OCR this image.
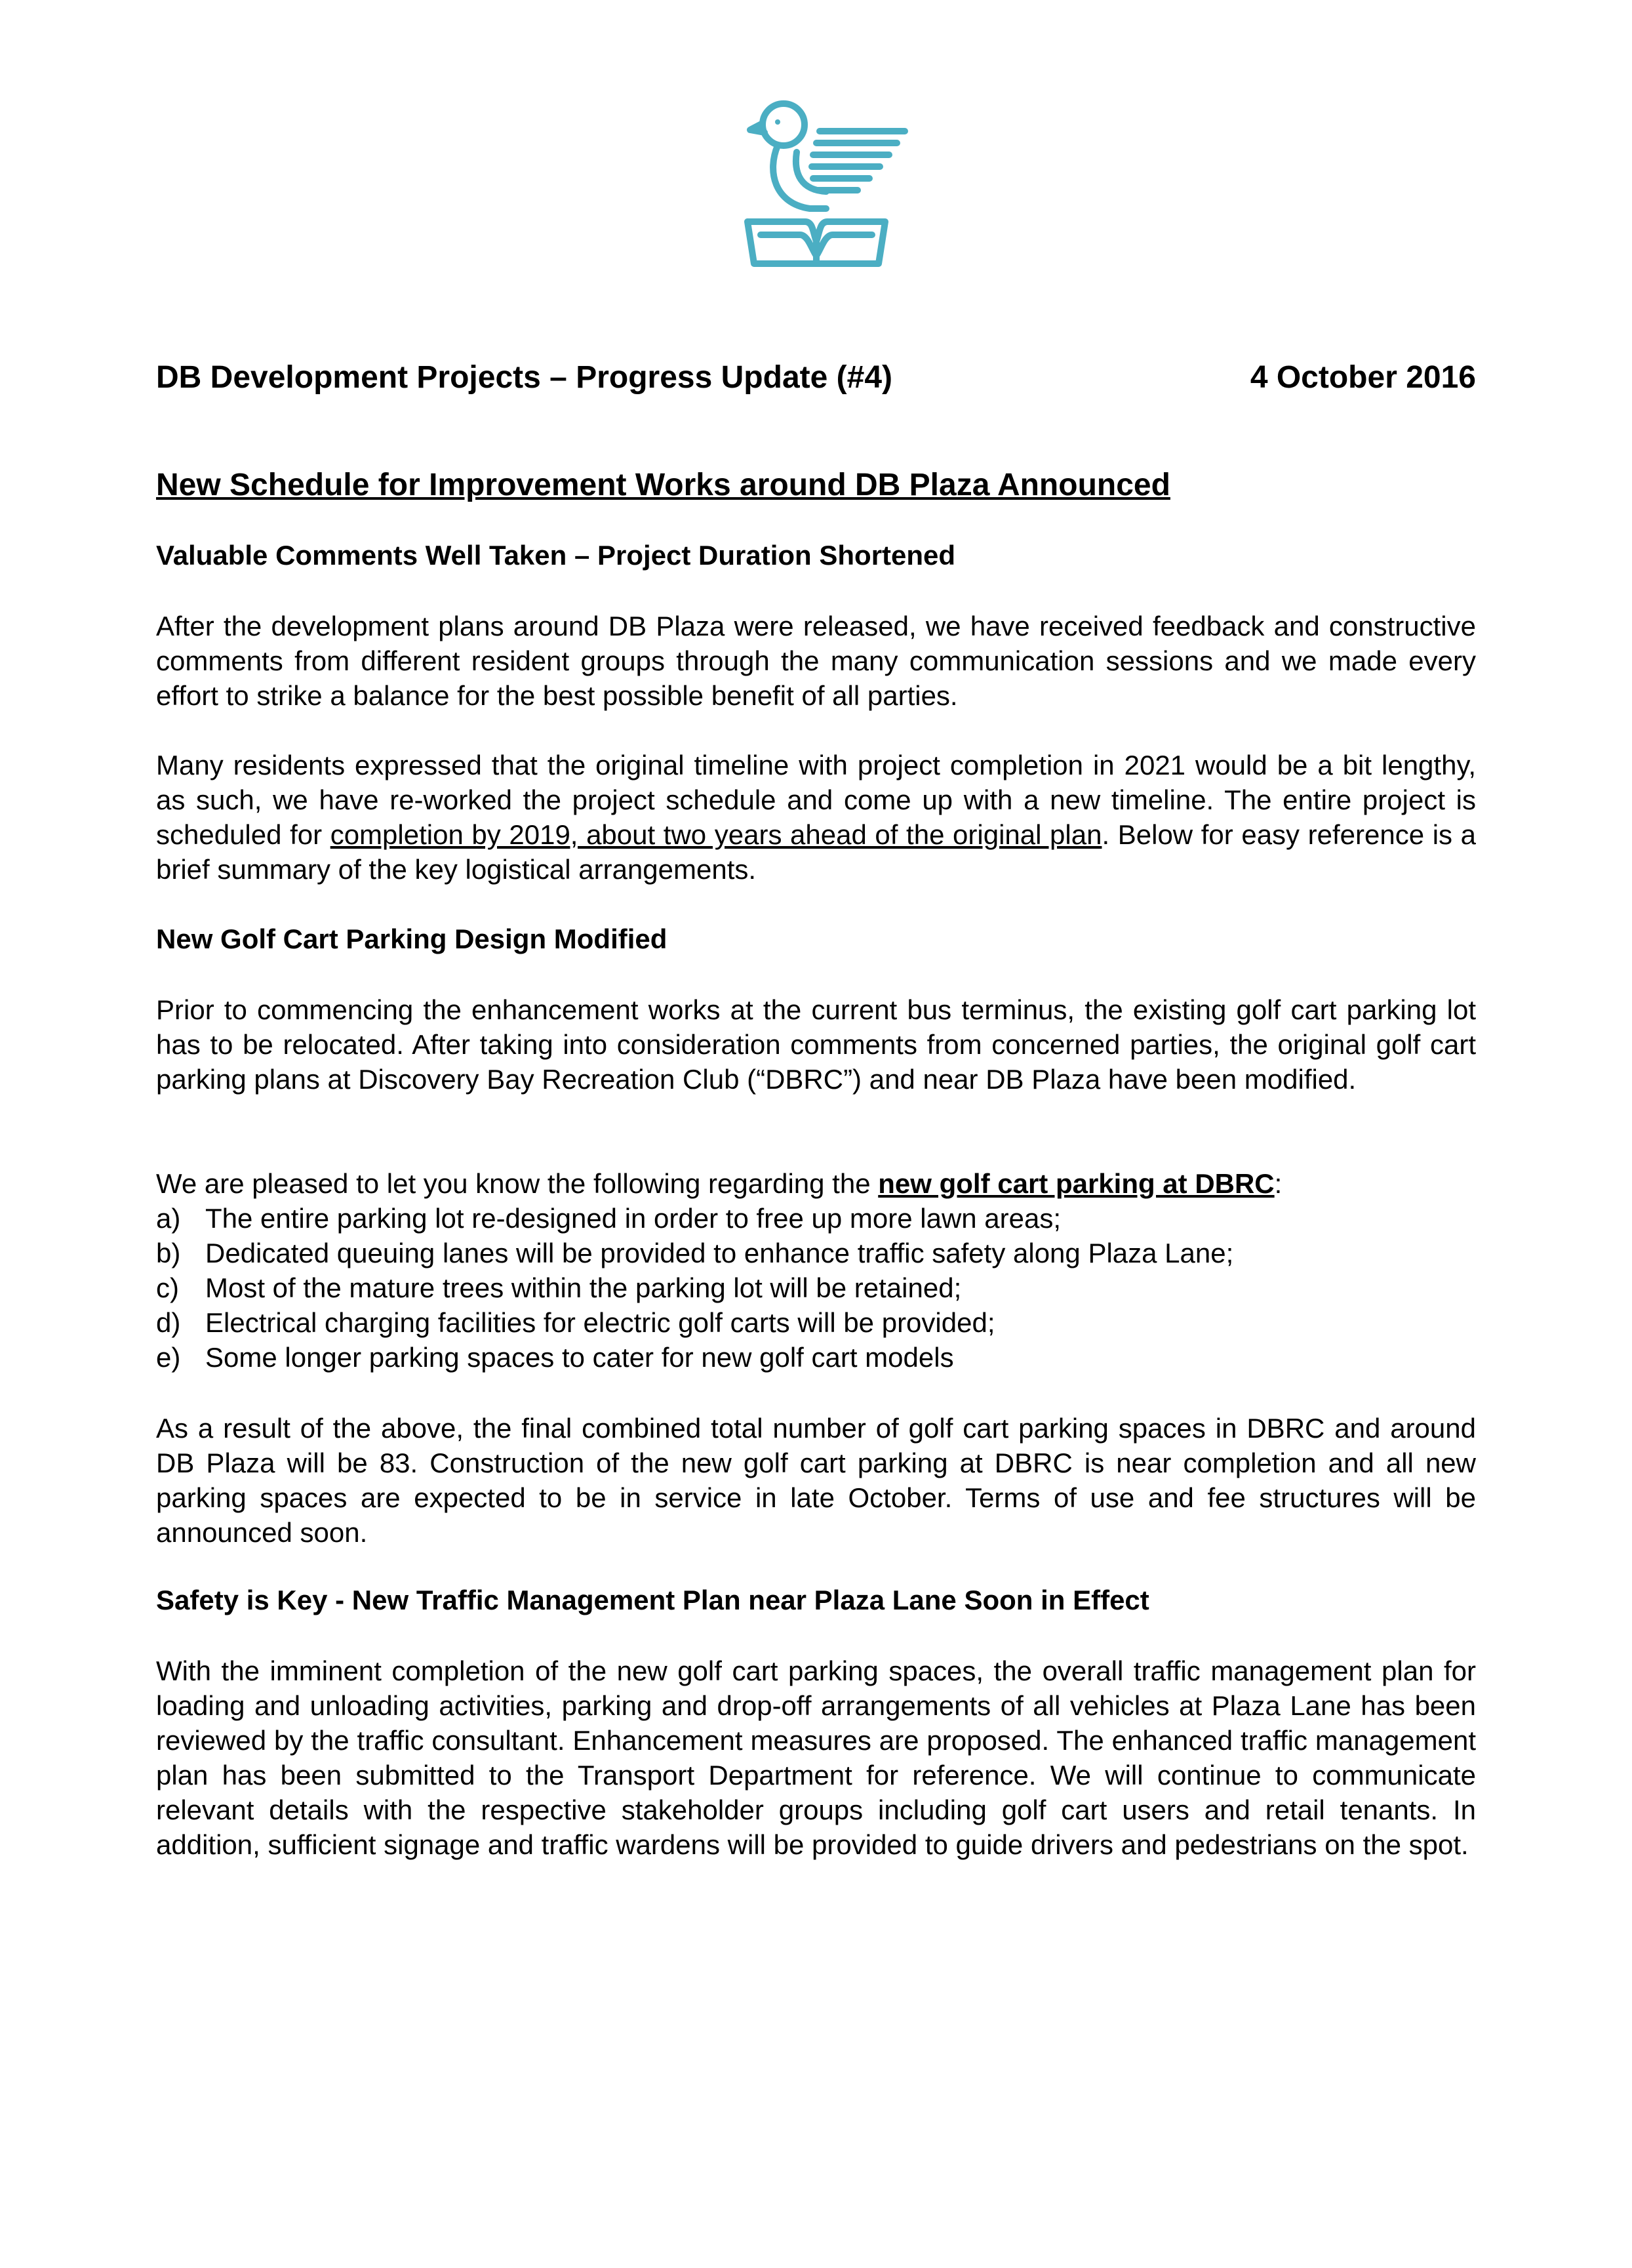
DB Development Projects – Progress Update (#4)	4 October 2016
New Schedule for Improvement Works around DB Plaza Announced
Valuable Comments Well Taken – Project Duration Shortened
After the development plans around DB Plaza were released, we have received feedback and constructive comments from different resident groups through the many communication sessions and we made every effort to strike a balance for the best possible benefit of all parties.
Many residents expressed that the original timeline with project completion in 2021 would be a bit lengthy, as such, we have re-worked the project schedule and come up with a new timeline. The entire project is scheduled for completion by 2019, about two years ahead of the original plan. Below for easy reference is a brief summary of the key logistical arrangements.
New Golf Cart Parking Design Modified
Prior to commencing the enhancement works at the current bus terminus, the existing golf cart parking lot has to be relocated. After taking into consideration comments from concerned parties, the original golf cart parking plans at Discovery Bay Recreation Club (“DBRC”) and near DB Plaza have been modified.
We are pleased to let you know the following regarding the new golf cart parking at DBRC:
a) The entire parking lot re-designed in order to free up more lawn areas;
b) Dedicated queuing lanes will be provided to enhance traffic safety along Plaza Lane;
c) Most of the mature trees within the parking lot will be retained;
d) Electrical charging facilities for electric golf carts will be provided;
e) Some longer parking spaces to cater for new golf cart models
As a result of the above, the final combined total number of golf cart parking spaces in DBRC and around DB Plaza will be 83. Construction of the new golf cart parking at DBRC is near completion and all new parking spaces are expected to be in service in late October. Terms of use and fee structures will be announced soon.
Safety is Key - New Traffic Management Plan near Plaza Lane Soon in Effect
With the imminent completion of the new golf cart parking spaces, the overall traffic management plan for loading and unloading activities, parking and drop-off arrangements of all vehicles at Plaza Lane has been reviewed by the traffic consultant. Enhancement measures are proposed. The enhanced traffic management plan has been submitted to the Transport Department for reference. We will continue to communicate relevant details with the respective stakeholder groups including golf cart users and retail tenants. In addition, sufficient signage and traffic wardens will be provided to guide drivers and pedestrians on the spot.
